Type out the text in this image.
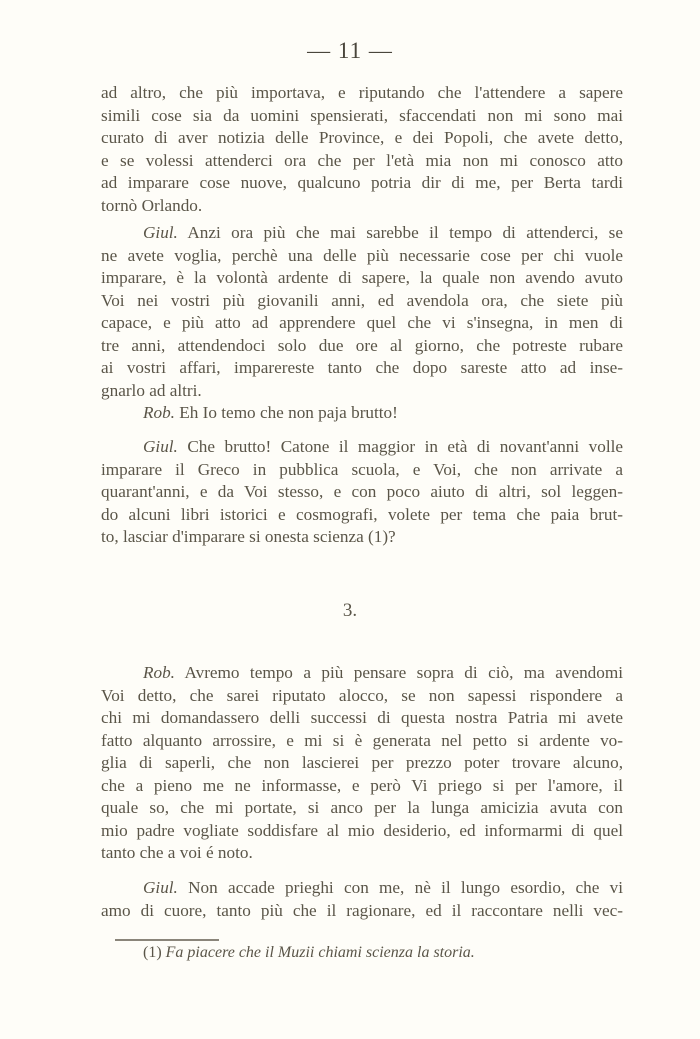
— 11 —
ad altro, che più importava, e riputando che l'attendere a sapere
simili cose sia da uomini spensierati, sfaccendati non mi sono mai
curato di aver notizia delle Province, e dei Popoli, che avete detto,
e se volessi attenderci ora che per l'età mia non mi conosco atto
ad imparare cose nuove, qualcuno potria dir di me, per Berta tardi
tornò Orlando.
Giul. Anzi ora più che mai sarebbe il tempo di attenderci, se
ne avete voglia, perchè una delle più necessarie cose per chi vuole
imparare, è la volontà ardente di sapere, la quale non avendo avuto
Voi nei vostri più giovanili anni, ed avendola ora, che siete più
capace, e più atto ad apprendere quel che vi s'insegna, in men di
tre anni, attendendoci solo due ore al giorno, che potreste rubare
ai vostri affari, imparereste tanto che dopo sareste atto ad inse-
gnarlo ad altri.
Rob. Eh Io temo che non paja brutto!
Giul. Che brutto! Catone il maggior in età di novant'anni volle
imparare il Greco in pubblica scuola, e Voi, che non arrivate a
quarant'anni, e da Voi stesso, e con poco aiuto di altri, sol leggen-
do alcuni libri istorici e cosmografi, volete per tema che paia brut-
to, lasciar d'imparare si onesta scienza (1)?
3.
Rob. Avremo tempo a più pensare sopra di ciò, ma avendomi
Voi detto, che sarei riputato alocco, se non sapessi rispondere a
chi mi domandassero delli successi di questa nostra Patria mi avete
fatto alquanto arrossire, e mi si è generata nel petto si ardente vo-
glia di saperli, che non lascierei per prezzo poter trovare alcuno,
che a pieno me ne informasse, e però Vi priego si per l'amore, il
quale so, che mi portate, si anco per la lunga amicizia avuta con
mio padre vogliate soddisfare al mio desiderio, ed informarmi di quel
tanto che a voi é noto.
Giul. Non accade prieghi con me, nè il lungo esordio, che vi
amo di cuore, tanto più che il ragionare, ed il raccontare nelli vec-
(1) Fa piacere che il Muzii chiami scienza la storia.
